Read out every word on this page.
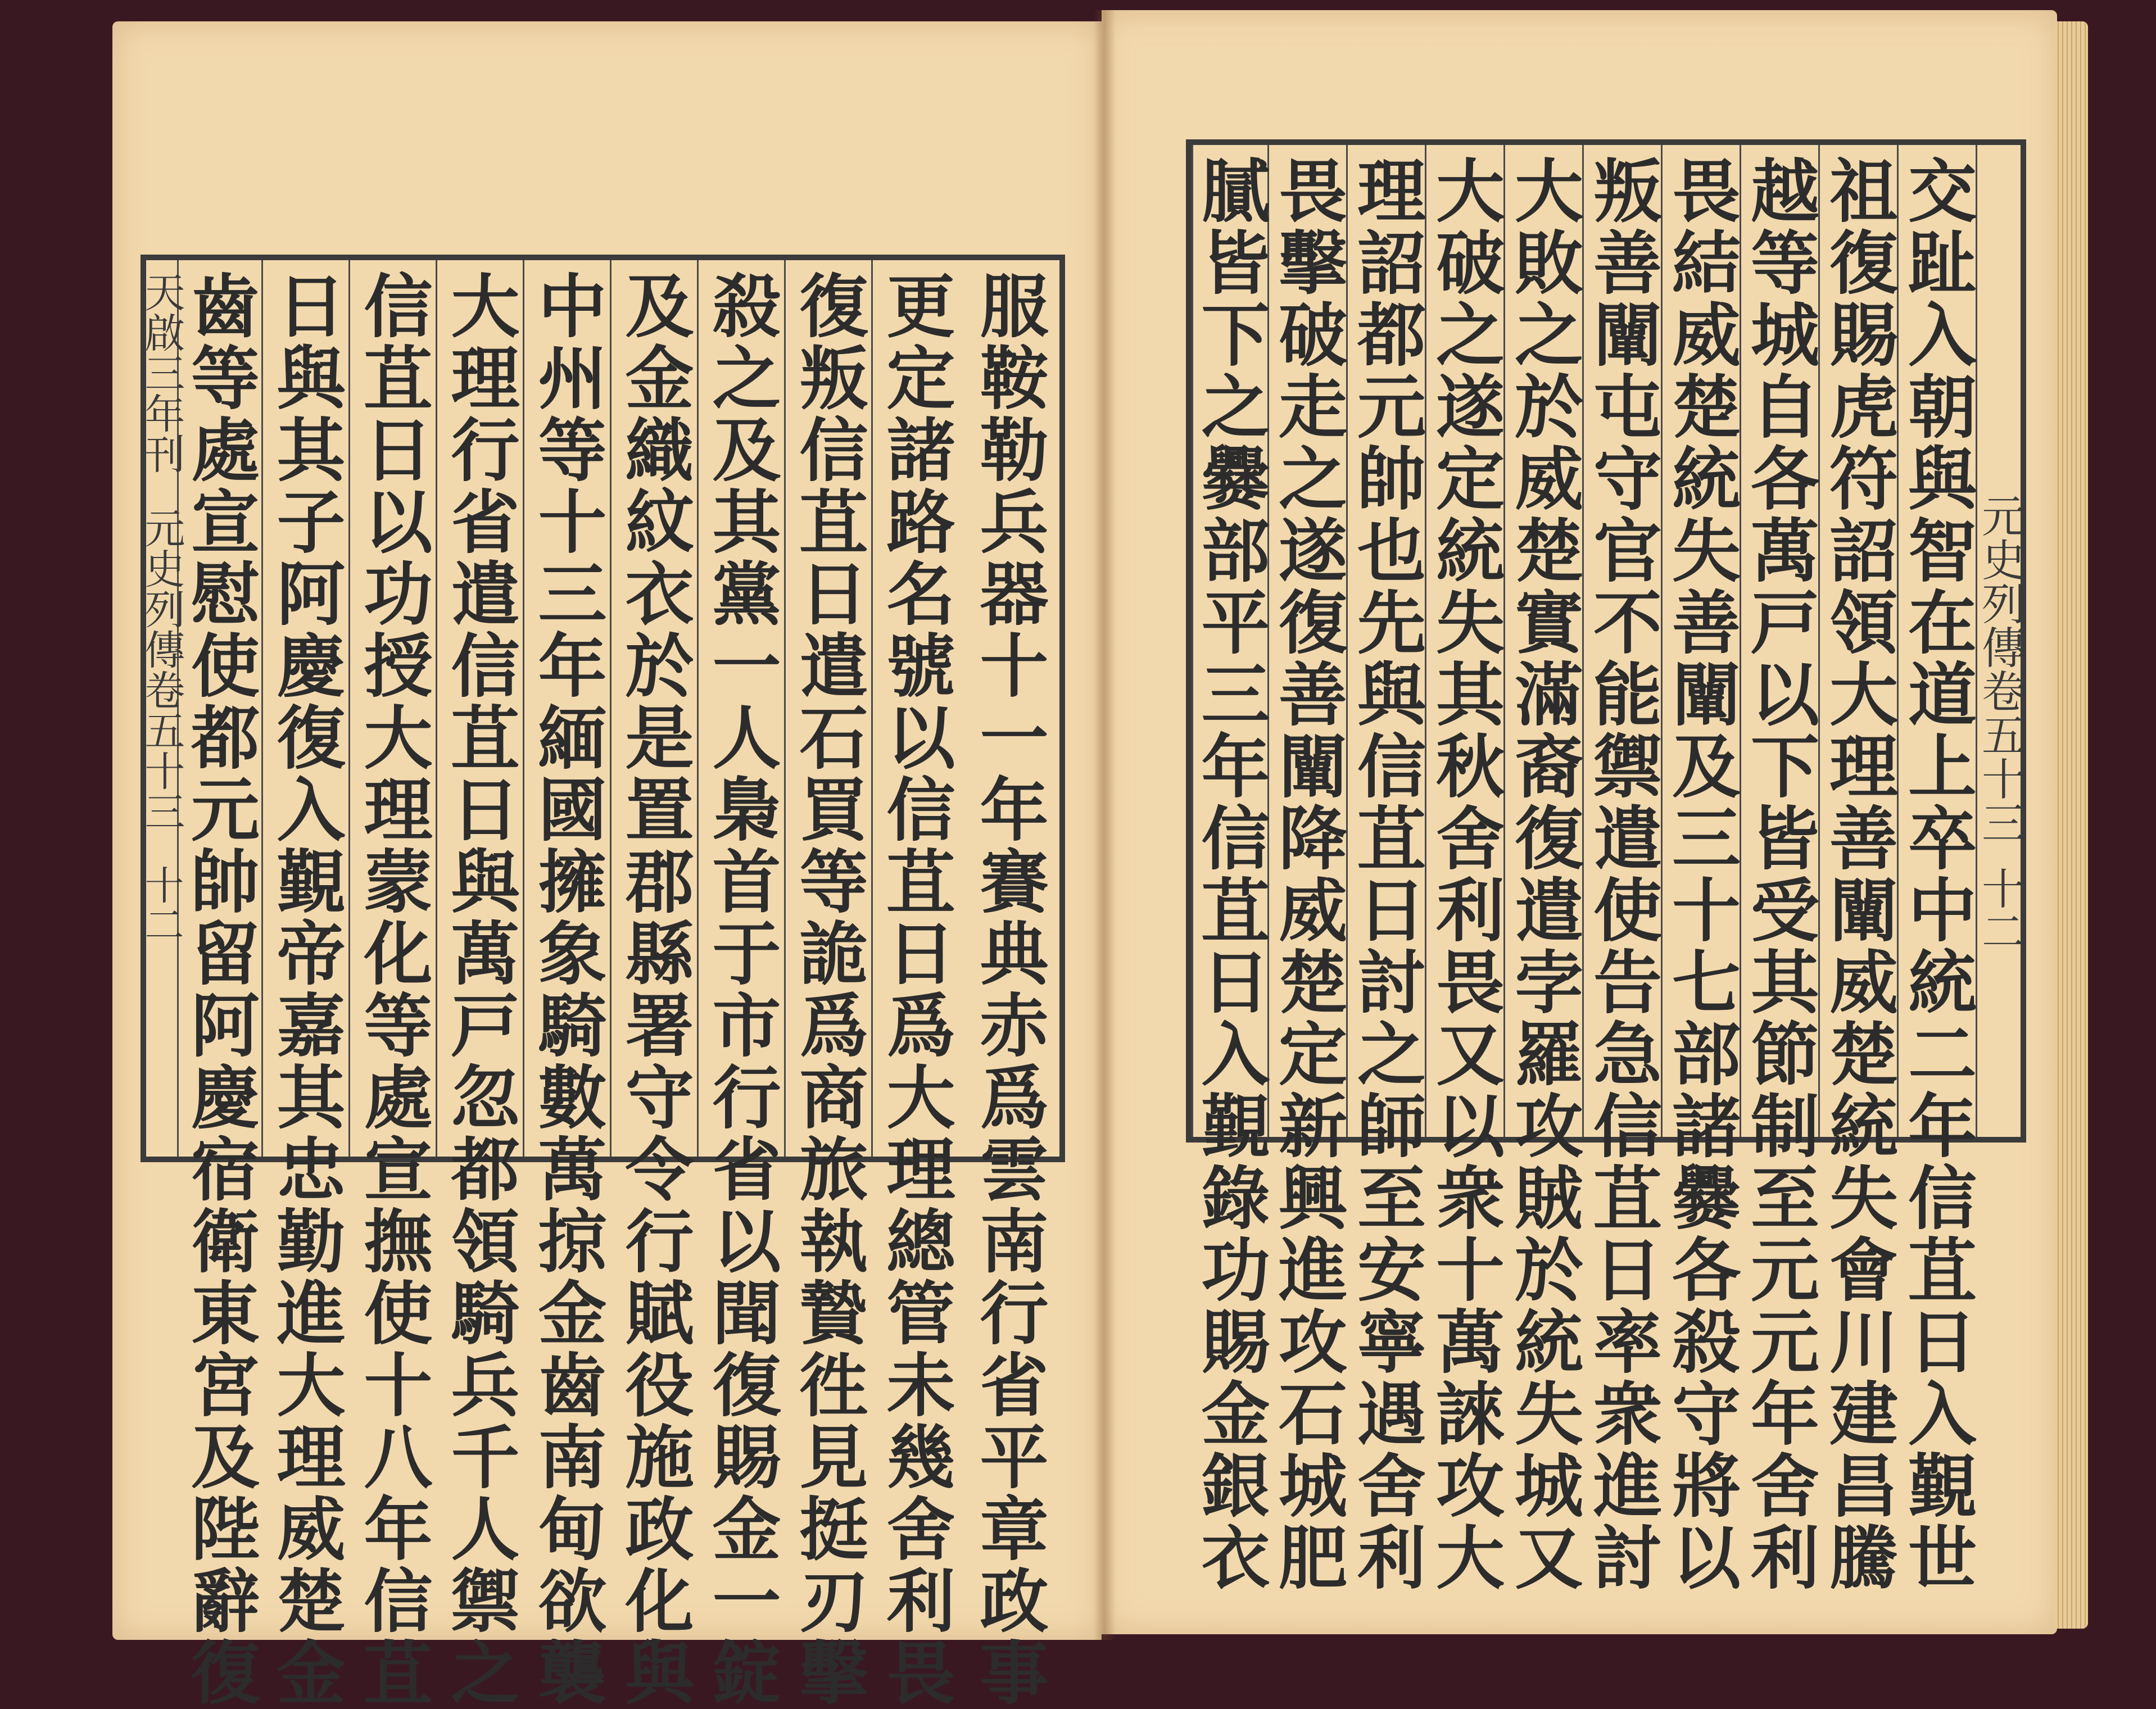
服鞍勒兵器十一年賽典赤爲雲南行省平章政事
更定諸路名號以信苴日爲大理總管未幾舍利畏
復叛信苴日遣石買等詭爲商旅執贄徃見挺刃擊
殺之及其黨一人梟首于市行省以聞復賜金一錠
及金織紋衣於是置郡縣署守令行賦役施政化與
中州等十三年緬國擁象騎數萬掠金齒南甸欲襲
大理行省遣信苴日與萬戸忽都領騎兵千人禦之
信苴日以功授大理蒙化等處宣撫使十八年信苴
日與其子阿慶復入覲帝嘉其忠勤進大理威楚金
齒等處宣慰使都元帥留阿慶宿衛東宮及陛辭復
天啟三年刊
元史列傳卷五十三
十二
元史列傳卷五十三
十二
交趾入朝與智在道上卒中統二年信苴日入覲世
祖復賜虎符詔領大理善闡威楚統失會川建昌騰
越等城自各萬戸以下皆受其節制至元元年舍利
畏結威楚統失善闡及三十七部諸爨各殺守將以
叛善闡屯守官不能禦遣使告急信苴日率衆進討
大敗之於威楚實滿裔復遣孛羅攻賊於統失城又
大破之遂定統失其秋舍利畏又以衆十萬誺攻大
理詔都元帥也先與信苴日討之師至安寧遇舍利
畏擊破走之遂復善闡降威楚定新興進攻石城肥
膩皆下之爨部平三年信苴日入覲錄功賜金銀衣
